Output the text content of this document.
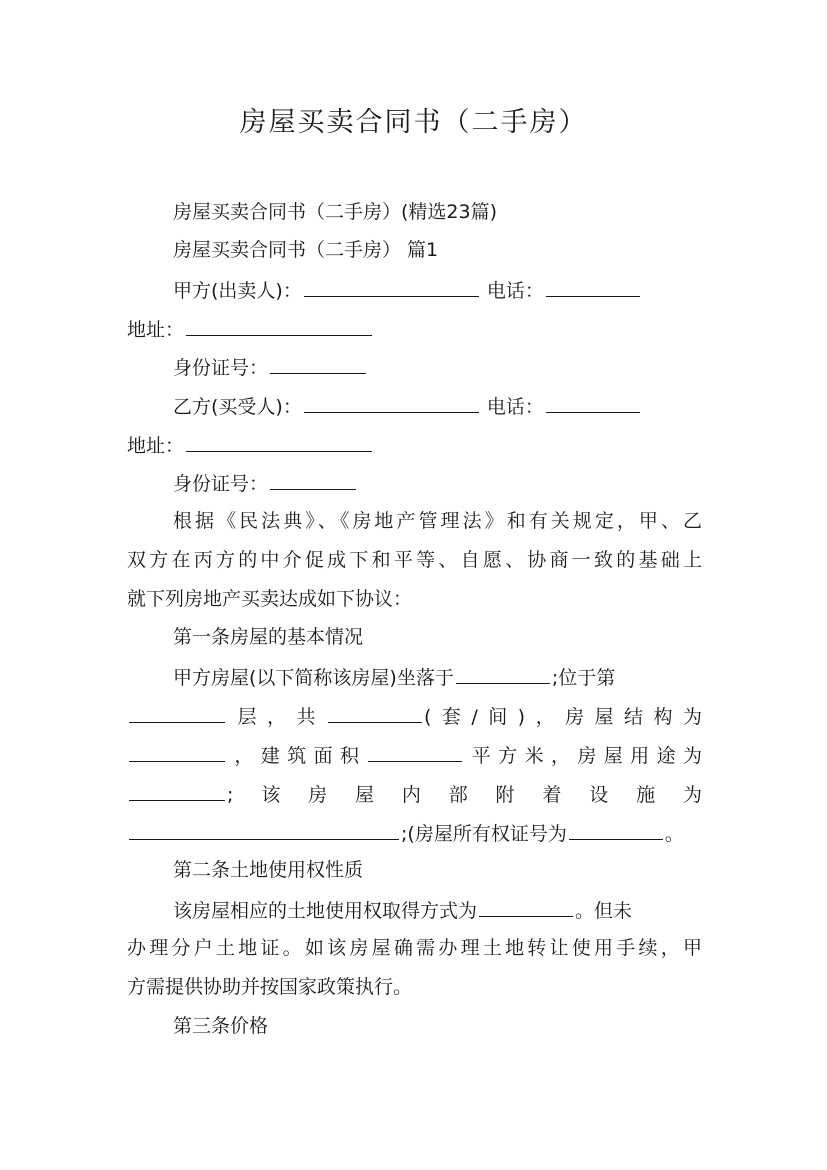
房屋买卖合同书（二手房）
房屋买卖合同书（二手房）(精选23篇)
房屋买卖合同书（二手房） 篇1
甲方(出卖人)：	电话：
地址：
身份证号：
乙方(买受人)：	电话：
地址：
身份证号：
根据《民法典》、《房地产管理法》和有关规定，甲、乙
双方在丙方的中介促成下和平等、自愿、协商一致的基础上
就下列房地产买卖达成如下协议：
第一条房屋的基本情况
甲方房屋(以下简称该房屋)坐落于	;位于第
层，共	(套/间)，房屋结构为
，建筑面积	平方米，房屋用途为
;该房屋内部附着设施为
;(房屋所有权证号为	。
第二条土地使用权性质
该房屋相应的土地使用权取得方式为	。但未
办理分户土地证。如该房屋确需办理土地转让使用手续，甲
方需提供协助并按国家政策执行。
第三条价格
